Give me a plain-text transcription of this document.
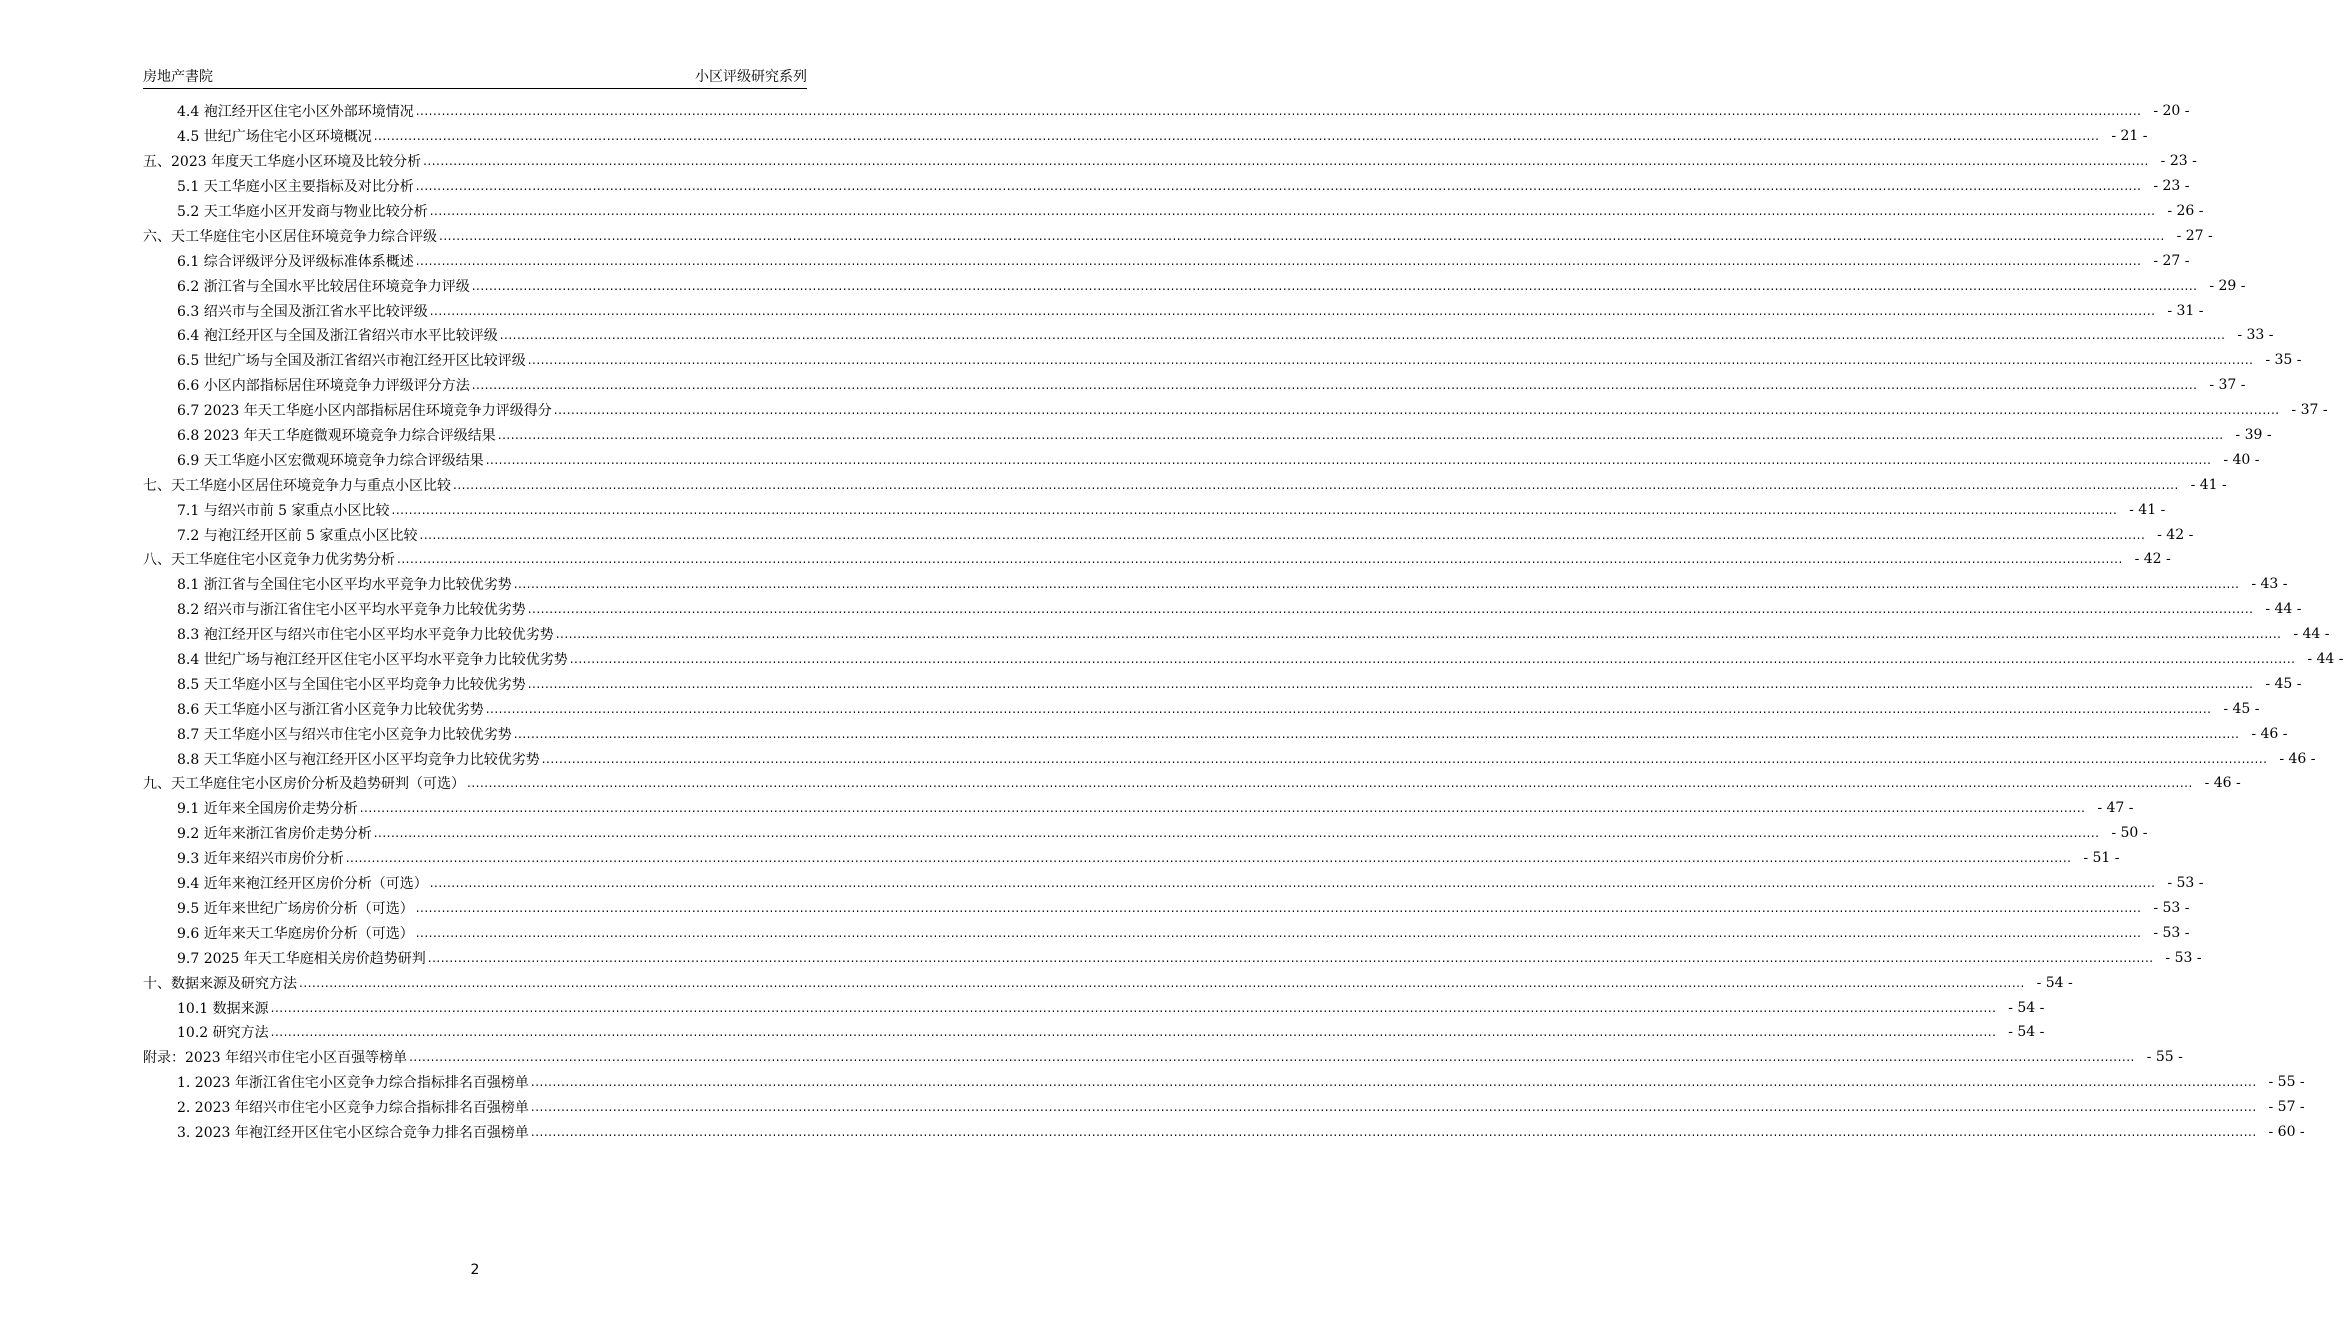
房地产書院	小区评级研究系列
4.4 袍江经开区住宅小区外部环境情况 ................................................................................................................................................................................................................................................................................................................................................................................................................ - 20 -
4.5 世纪广场住宅小区环境概况 ................................................................................................................................................................................................................................................................................................................................................................................................................ - 21 -
五、2023 年度天工华庭小区环境及比较分析 ................................................................................................................................................................................................................................................................................................................................................................................................................ - 23 -
5.1 天工华庭小区主要指标及对比分析 ................................................................................................................................................................................................................................................................................................................................................................................................................ - 23 -
5.2 天工华庭小区开发商与物业比较分析 ................................................................................................................................................................................................................................................................................................................................................................................................................ - 26 -
六、天工华庭住宅小区居住环境竞争力综合评级 ................................................................................................................................................................................................................................................................................................................................................................................................................ - 27 -
6.1 综合评级评分及评级标准体系概述 ................................................................................................................................................................................................................................................................................................................................................................................................................ - 27 -
6.2 浙江省与全国水平比较居住环境竞争力评级 ................................................................................................................................................................................................................................................................................................................................................................................................................ - 29 -
6.3 绍兴市与全国及浙江省水平比较评级 ................................................................................................................................................................................................................................................................................................................................................................................................................ - 31 -
6.4 袍江经开区与全国及浙江省绍兴市水平比较评级 ................................................................................................................................................................................................................................................................................................................................................................................................................ - 33 -
6.5 世纪广场与全国及浙江省绍兴市袍江经开区比较评级 ................................................................................................................................................................................................................................................................................................................................................................................................................ - 35 -
6.6 小区内部指标居住环境竞争力评级评分方法 ................................................................................................................................................................................................................................................................................................................................................................................................................ - 37 -
6.7 2023 年天工华庭小区内部指标居住环境竞争力评级得分 ................................................................................................................................................................................................................................................................................................................................................................................................................ - 37 -
6.8 2023 年天工华庭微观环境竞争力综合评级结果 ................................................................................................................................................................................................................................................................................................................................................................................................................ - 39 -
6.9 天工华庭小区宏微观环境竞争力综合评级结果 ................................................................................................................................................................................................................................................................................................................................................................................................................ - 40 -
七、天工华庭小区居住环境竞争力与重点小区比较 ................................................................................................................................................................................................................................................................................................................................................................................................................ - 41 -
7.1 与绍兴市前 5 家重点小区比较 ................................................................................................................................................................................................................................................................................................................................................................................................................ - 41 -
7.2 与袍江经开区前 5 家重点小区比较 ................................................................................................................................................................................................................................................................................................................................................................................................................ - 42 -
八、天工华庭住宅小区竞争力优劣势分析 ................................................................................................................................................................................................................................................................................................................................................................................................................ - 42 -
8.1 浙江省与全国住宅小区平均水平竞争力比较优劣势 ................................................................................................................................................................................................................................................................................................................................................................................................................ - 43 -
8.2 绍兴市与浙江省住宅小区平均水平竞争力比较优劣势 ................................................................................................................................................................................................................................................................................................................................................................................................................ - 44 -
8.3 袍江经开区与绍兴市住宅小区平均水平竞争力比较优劣势 ................................................................................................................................................................................................................................................................................................................................................................................................................ - 44 -
8.4 世纪广场与袍江经开区住宅小区平均水平竞争力比较优劣势 ................................................................................................................................................................................................................................................................................................................................................................................................................ - 44 -
8.5 天工华庭小区与全国住宅小区平均竞争力比较优劣势 ................................................................................................................................................................................................................................................................................................................................................................................................................ - 45 -
8.6 天工华庭小区与浙江省小区竞争力比较优劣势 ................................................................................................................................................................................................................................................................................................................................................................................................................ - 45 -
8.7 天工华庭小区与绍兴市住宅小区竞争力比较优劣势 ................................................................................................................................................................................................................................................................................................................................................................................................................ - 46 -
8.8 天工华庭小区与袍江经开区小区平均竞争力比较优劣势 ................................................................................................................................................................................................................................................................................................................................................................................................................ - 46 -
九、天工华庭住宅小区房价分析及趋势研判（可选） ................................................................................................................................................................................................................................................................................................................................................................................................................ - 46 -
9.1 近年来全国房价走势分析 ................................................................................................................................................................................................................................................................................................................................................................................................................ - 47 -
9.2 近年来浙江省房价走势分析 ................................................................................................................................................................................................................................................................................................................................................................................................................ - 50 -
9.3 近年来绍兴市房价分析 ................................................................................................................................................................................................................................................................................................................................................................................................................ - 51 -
9.4 近年来袍江经开区房价分析（可选） ................................................................................................................................................................................................................................................................................................................................................................................................................ - 53 -
9.5 近年来世纪广场房价分析（可选） ................................................................................................................................................................................................................................................................................................................................................................................................................ - 53 -
9.6 近年来天工华庭房价分析（可选） ................................................................................................................................................................................................................................................................................................................................................................................................................ - 53 -
9.7 2025 年天工华庭相关房价趋势研判 ................................................................................................................................................................................................................................................................................................................................................................................................................ - 53 -
十、数据来源及研究方法 ................................................................................................................................................................................................................................................................................................................................................................................................................ - 54 -
10.1 数据来源 ................................................................................................................................................................................................................................................................................................................................................................................................................ - 54 -
10.2 研究方法 ................................................................................................................................................................................................................................................................................................................................................................................................................ - 54 -
附录：2023 年绍兴市住宅小区百强等榜单 ................................................................................................................................................................................................................................................................................................................................................................................................................ - 55 -
1. 2023 年浙江省住宅小区竞争力综合指标排名百强榜单 ................................................................................................................................................................................................................................................................................................................................................................................................................ - 55 -
2. 2023 年绍兴市住宅小区竞争力综合指标排名百强榜单 ................................................................................................................................................................................................................................................................................................................................................................................................................ - 57 -
3. 2023 年袍江经开区住宅小区综合竞争力排名百强榜单 ................................................................................................................................................................................................................................................................................................................................................................................................................ - 60 -
2
